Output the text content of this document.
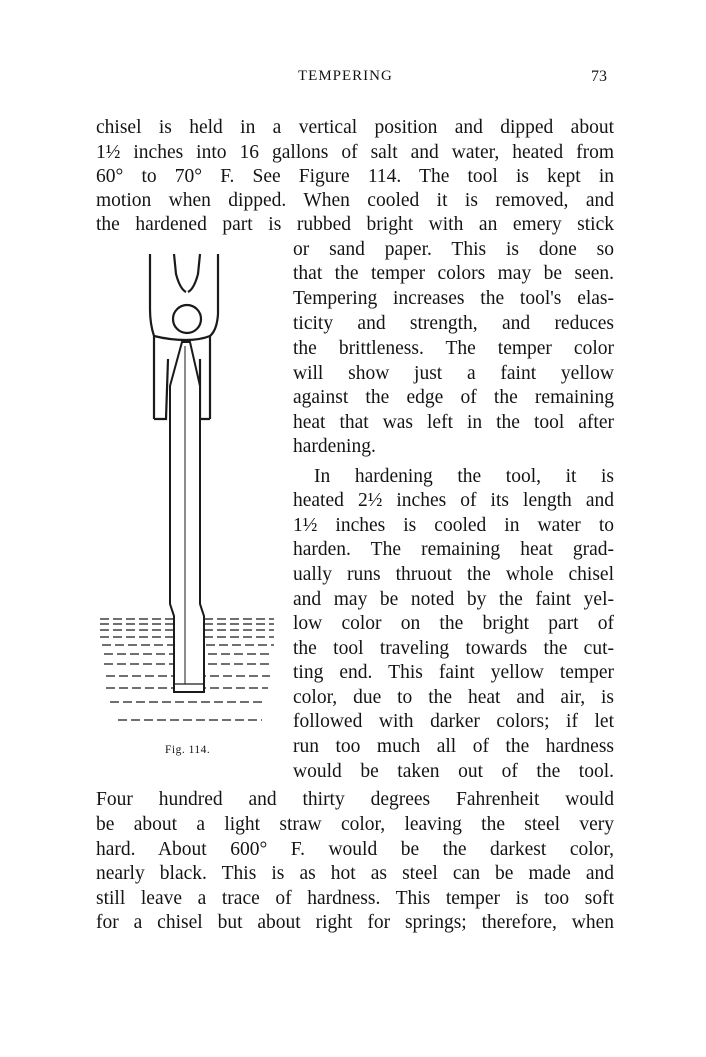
TEMPERING	73
Fig. 114.
chisel is held in a vertical position and dipped about
1½ inches into 16 gallons of salt and water, heated from
60° to 70° F. See Figure 114. The tool is kept in
motion when dipped. When cooled it is removed, and
the hardened part is rubbed bright with an emery stick
or sand paper. This is done so
that the temper colors may be seen.
Tempering increases the tool's elas-
ticity and strength, and reduces
the brittleness. The temper color
will show just a faint yellow
against the edge of the remaining
heat that was left in the tool after
hardening.
In hardening the tool, it is
heated 2½ inches of its length and
1½ inches is cooled in water to
harden. The remaining heat grad-
ually runs thruout the whole chisel
and may be noted by the faint yel-
low color on the bright part of
the tool traveling towards the cut-
ting end. This faint yellow temper
color, due to the heat and air, is
followed with darker colors; if let
run too much all of the hardness
would be taken out of the tool.
Four hundred and thirty degrees Fahrenheit would
be about a light straw color, leaving the steel very
hard. About 600° F. would be the darkest color,
nearly black. This is as hot as steel can be made and
still leave a trace of hardness. This temper is too soft
for a chisel but about right for springs; therefore, when
